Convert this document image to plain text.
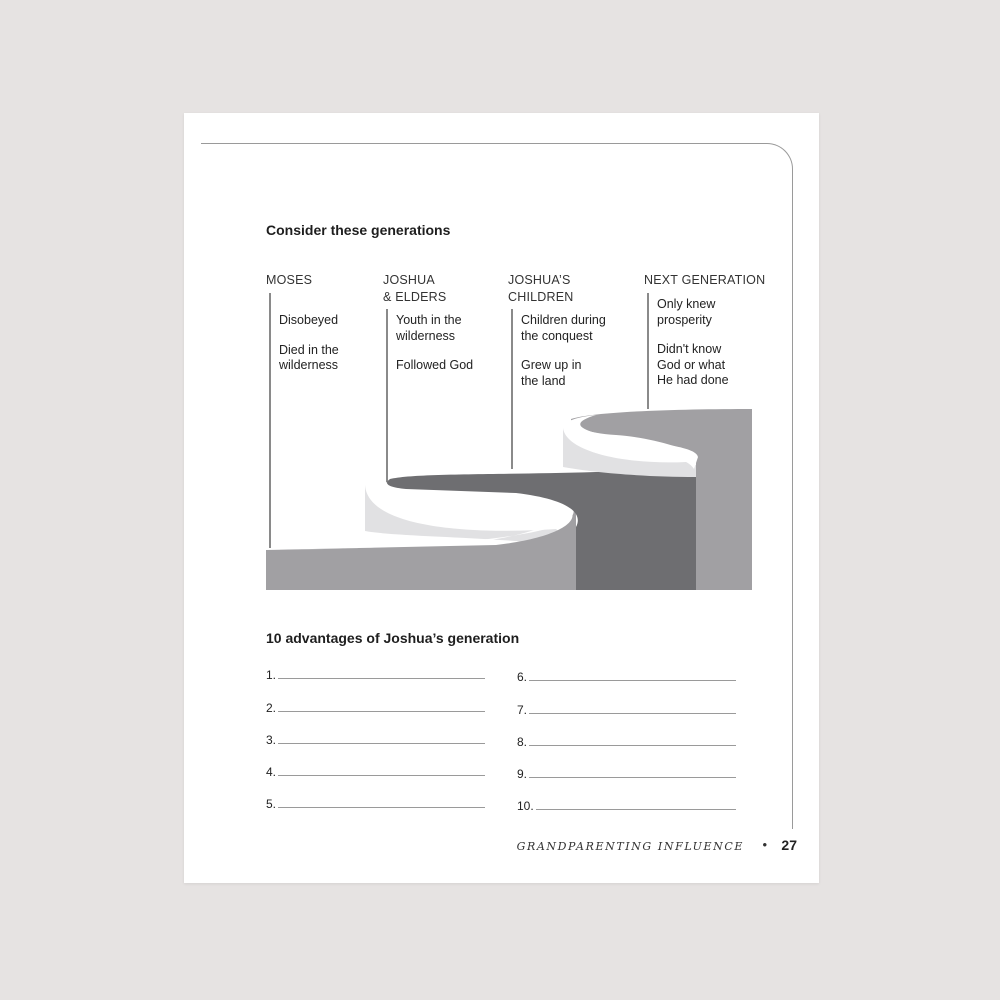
Consider these generations
MOSES
Disobeyed
Died in the
wilderness
JOSHUA
& ELDERS
Youth in the
wilderness
Followed God
JOSHUA’S
CHILDREN
Children during
the conquest
Grew up in
the land
NEXT GENERATION
Only knew
prosperity
Didn't know
God or what
He had done
10 advantages of Joshua’s generation
1.
2.
3.
4.
5.
6.
7.
8.
9.
10.
GRANDPARENTING INFLUENCE • 27
